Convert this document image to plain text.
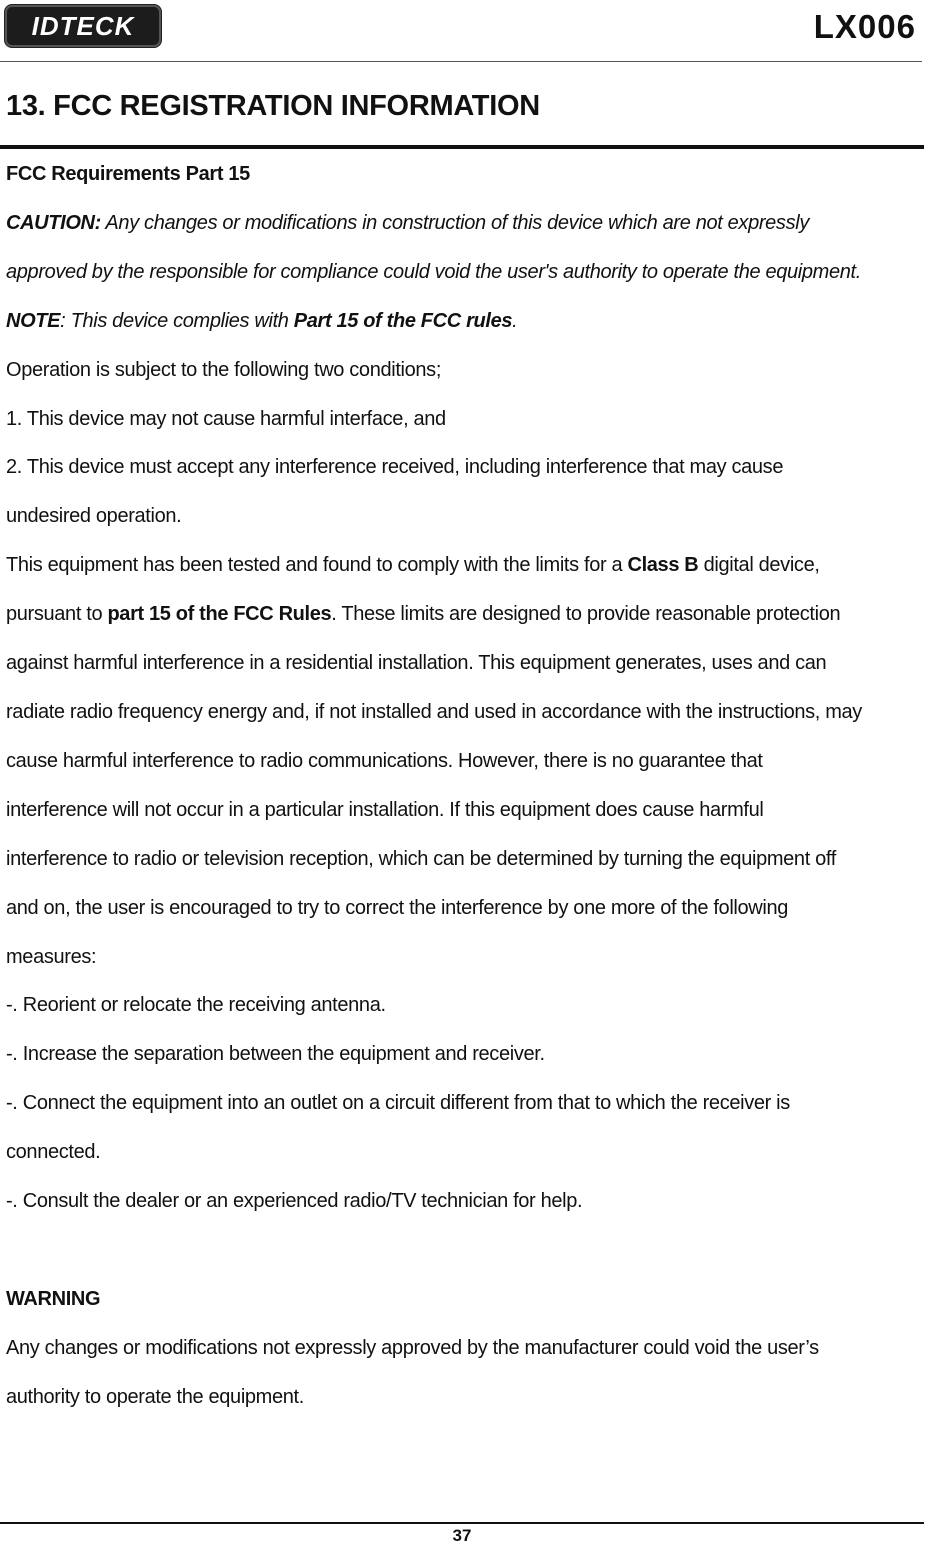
IDTECK	LX006
13. FCC REGISTRATION INFORMATION

FCC Requirements Part 15

CAUTION: Any changes or modifications in construction of this device which are not expressly

approved by the responsible for compliance could void the user's authority to operate the equipment.

NOTE: This device complies with Part 15 of the FCC rules.

Operation is subject to the following two conditions;

1. This device may not cause harmful interface, and

2. This device must accept any interference received, including interference that may cause

undesired operation.

This equipment has been tested and found to comply with the limits for a Class B digital device,

pursuant to part 15 of the FCC Rules. These limits are designed to provide reasonable protection

against harmful interference in a residential installation. This equipment generates, uses and can

radiate radio frequency energy and, if not installed and used in accordance with the instructions, may

cause harmful interference to radio communications. However, there is no guarantee that

interference will not occur in a particular installation. If this equipment does cause harmful

interference to radio or television reception, which can be determined by turning the equipment off

and on, the user is encouraged to try to correct the interference by one more of the following

measures:

-. Reorient or relocate the receiving antenna.

-. Increase the separation between the equipment and receiver.

-. Connect the equipment into an outlet on a circuit different from that to which the receiver is

connected.

-. Consult the dealer or an experienced radio/TV technician for help.

WARNING

Any changes or modifications not expressly approved by the manufacturer could void the user’s

authority to operate the equipment.

37
